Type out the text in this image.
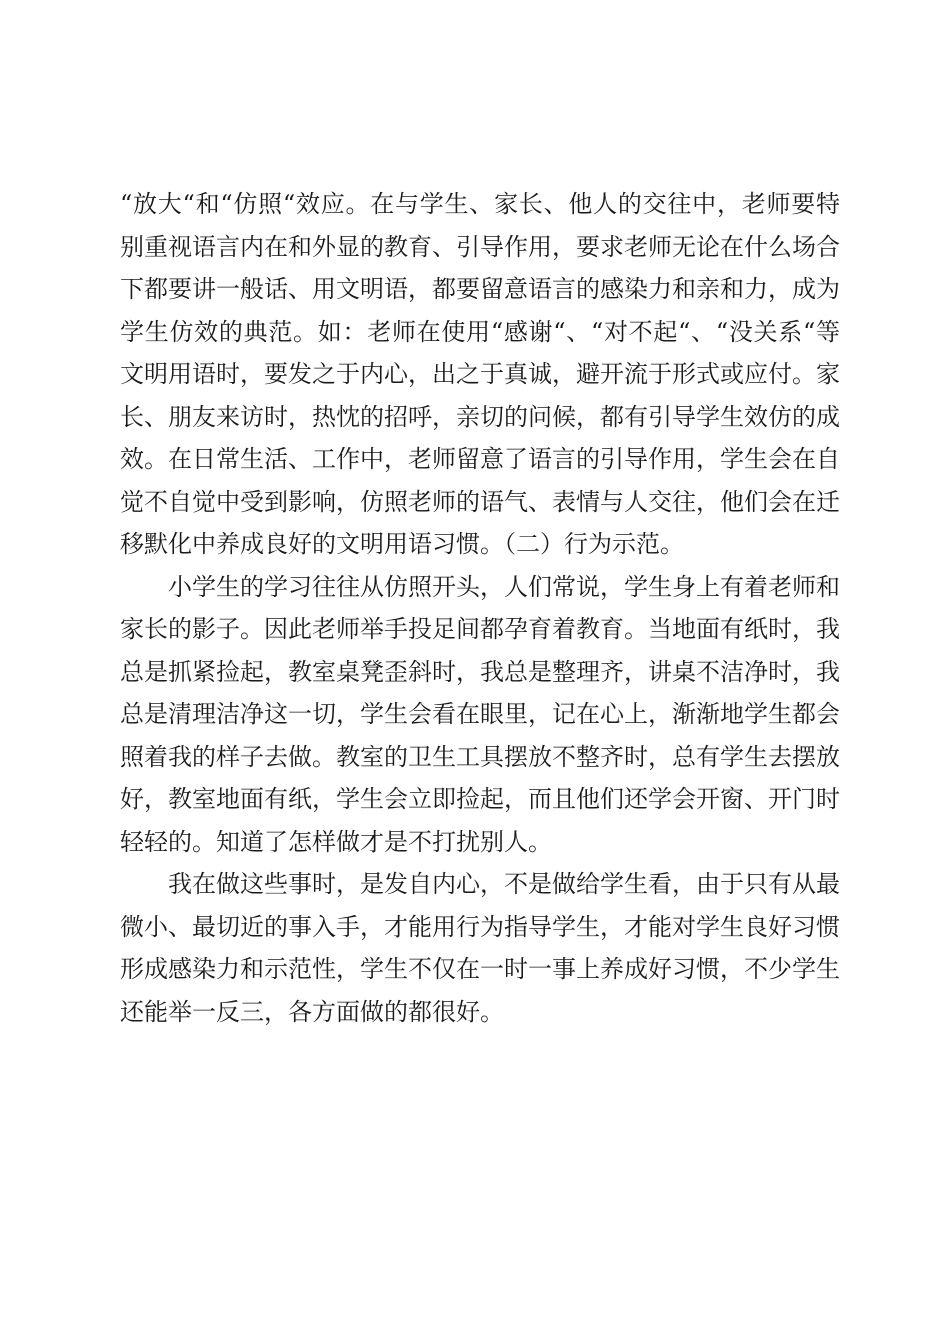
“放大“和“仿照“效应。在与学生、家长、他人的交往中，老师要特别重视语言内在和外显的教育、引导作用，要求老师无论在什么场合下都要讲一般话、用文明语，都要留意语言的感染力和亲和力，成为学生仿效的典范。如：老师在使用“感谢“、“对不起“、“没关系“等文明用语时，要发之于内心，出之于真诚，避开流于形式或应付。家长、朋友来访时，热忱的招呼，亲切的问候，都有引导学生效仿的成效。在日常生活、工作中，老师留意了语言的引导作用，学生会在自觉不自觉中受到影响，仿照老师的语气、表情与人交往，他们会在迁移默化中养成良好的文明用语习惯。（二）行为示范。

小学生的学习往往从仿照开头，人们常说，学生身上有着老师和家长的影子。因此老师举手投足间都孕育着教育。当地面有纸时，我总是抓紧捡起，教室桌凳歪斜时，我总是整理齐，讲桌不洁净时，我总是清理洁净这一切，学生会看在眼里，记在心上，渐渐地学生都会照着我的样子去做。教室的卫生工具摆放不整齐时，总有学生去摆放好，教室地面有纸，学生会立即捡起，而且他们还学会开窗、开门时轻轻的。知道了怎样做才是不打扰别人。

我在做这些事时，是发自内心，不是做给学生看，由于只有从最微小、最切近的事入手，才能用行为指导学生，才能对学生良好习惯形成感染力和示范性，学生不仅在一时一事上养成好习惯，不少学生还能举一反三，各方面做的都很好。
